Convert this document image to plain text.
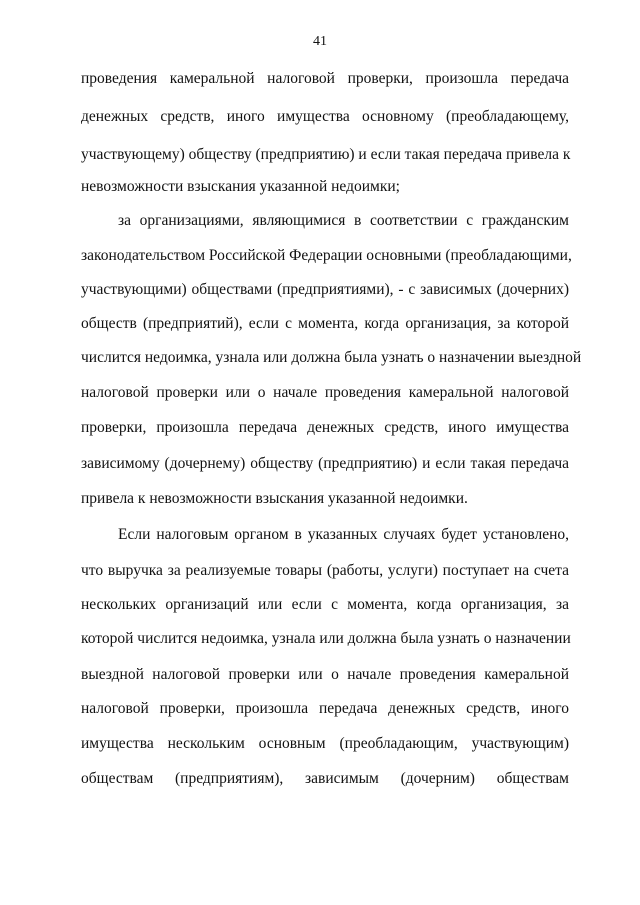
41
проведения камеральной налоговой проверки, произошла передача
денежных средств, иного имущества основному (преобладающему,
участвующему) обществу (предприятию) и если такая передача привела к
невозможности взыскания указанной недоимки;
за организациями, являющимися в соответствии с гражданским
законодательством Российской Федерации основными (преобладающими,
участвующими) обществами (предприятиями), - с зависимых (дочерних)
обществ (предприятий), если с момента, когда организация, за которой
числится недоимка, узнала или должна была узнать о назначении выездной
налоговой проверки или о начале проведения камеральной налоговой
проверки, произошла передача денежных средств, иного имущества
зависимому (дочернему) обществу (предприятию) и если такая передача
привела к невозможности взыскания указанной недоимки.
Если налоговым органом в указанных случаях будет установлено,
что выручка за реализуемые товары (работы, услуги) поступает на счета
нескольких организаций или если с момента, когда организация, за
которой числится недоимка, узнала или должна была узнать о назначении
выездной налоговой проверки или о начале проведения камеральной
налоговой проверки, произошла передача денежных средств, иного
имущества нескольким основным (преобладающим, участвующим)
обществам (предприятиям), зависимым (дочерним) обществам
